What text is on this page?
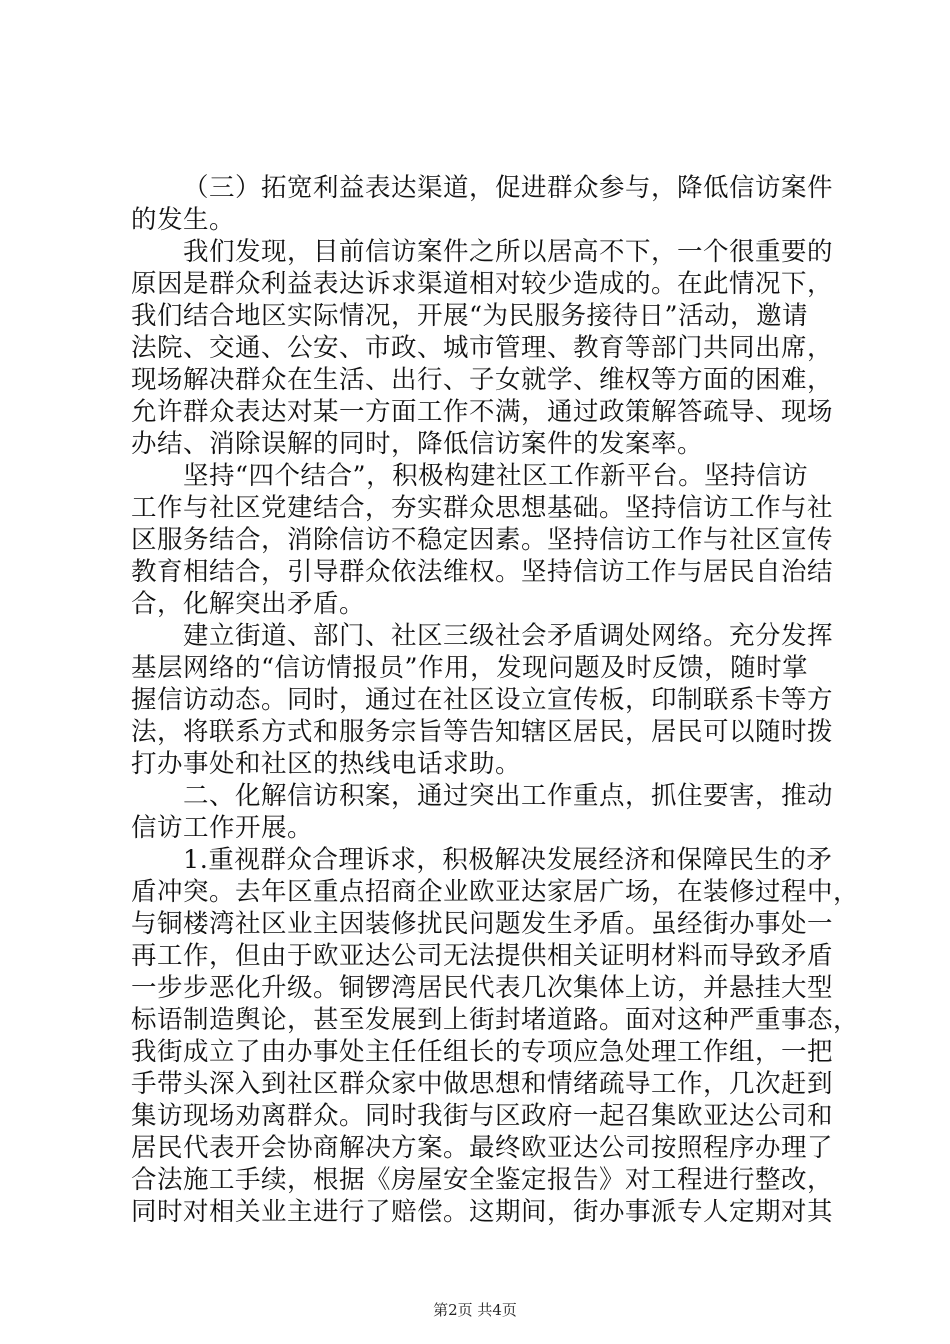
（三）拓宽利益表达渠道，促进群众参与，降低信访案件
的发生。
我们发现，目前信访案件之所以居高不下，一个很重要的
原因是群众利益表达诉求渠道相对较少造成的。在此情况下，
我们结合地区实际情况，开展“为民服务接待日”活动，邀请
法院、交通、公安、市政、城市管理、教育等部门共同出席，
现场解决群众在生活、出行、子女就学、维权等方面的困难，
允许群众表达对某一方面工作不满，通过政策解答疏导、现场
办结、消除误解的同时，降低信访案件的发案率。
坚持“四个结合”，积极构建社区工作新平台。坚持信访
工作与社区党建结合，夯实群众思想基础。坚持信访工作与社
区服务结合，消除信访不稳定因素。坚持信访工作与社区宣传
教育相结合，引导群众依法维权。坚持信访工作与居民自治结
合，化解突出矛盾。
建立街道、部门、社区三级社会矛盾调处网络。充分发挥
基层网络的“信访情报员”作用，发现问题及时反馈，随时掌
握信访动态。同时，通过在社区设立宣传板，印制联系卡等方
法，将联系方式和服务宗旨等告知辖区居民，居民可以随时拨
打办事处和社区的热线电话求助。
二、化解信访积案，通过突出工作重点，抓住要害，推动
信访工作开展。
1.重视群众合理诉求，积极解决发展经济和保障民生的矛
盾冲突。去年区重点招商企业欧亚达家居广场，在装修过程中，
与铜楼湾社区业主因装修扰民问题发生矛盾。虽经街办事处一
再工作，但由于欧亚达公司无法提供相关证明材料而导致矛盾
一步步恶化升级。铜锣湾居民代表几次集体上访，并悬挂大型
标语制造舆论，甚至发展到上街封堵道路。面对这种严重事态，
我街成立了由办事处主任任组长的专项应急处理工作组，一把
手带头深入到社区群众家中做思想和情绪疏导工作，几次赶到
集访现场劝离群众。同时我街与区政府一起召集欧亚达公司和
居民代表开会协商解决方案。最终欧亚达公司按照程序办理了
合法施工手续，根据《房屋安全鉴定报告》对工程进行整改，
同时对相关业主进行了赔偿。这期间，街办事派专人定期对其
第2页 共4页
